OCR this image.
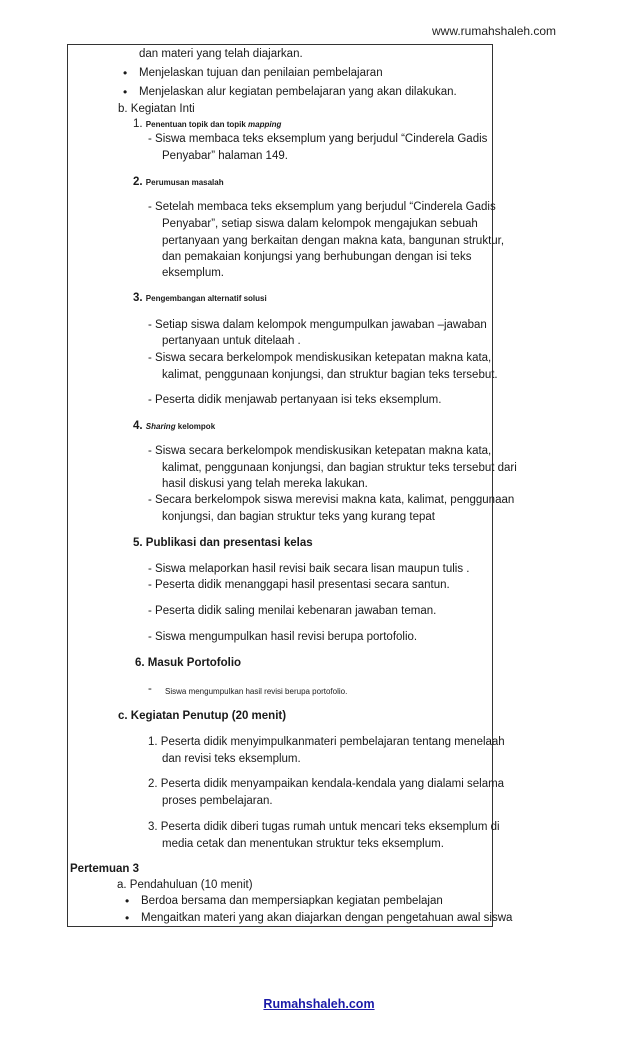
www.rumahshaleh.com
dan materi yang telah diajarkan.
• Menjelaskan tujuan dan penilaian pembelajaran
• Menjelaskan alur kegiatan pembelajaran yang akan dilakukan.
b. Kegiatan Inti
1. Penentuan topik dan topik mapping
- Siswa membaca teks eksemplum yang berjudul “Cinderela Gadis
Penyabar” halaman 149.
2. Perumusan masalah
- Setelah membaca teks eksemplum yang berjudul “Cinderela Gadis
Penyabar”, setiap siswa dalam kelompok mengajukan sebuah
pertanyaan yang berkaitan dengan makna kata, bangunan struktur,
dan pemakaian konjungsi yang berhubungan dengan isi teks
eksemplum.
3. Pengembangan alternatif solusi
- Setiap siswa dalam kelompok mengumpulkan jawaban –jawaban
pertanyaan untuk ditelaah .
- Siswa secara berkelompok mendiskusikan ketepatan makna kata,
kalimat, penggunaan konjungsi, dan struktur bagian teks tersebut.
- Peserta didik menjawab pertanyaan isi teks eksemplum.
4. Sharing kelompok
- Siswa secara berkelompok mendiskusikan ketepatan makna kata,
kalimat, penggunaan konjungsi, dan bagian struktur teks tersebut dari
hasil diskusi yang telah mereka lakukan.
- Secara berkelompok siswa merevisi makna kata, kalimat, penggunaan
konjungsi, dan bagian struktur teks yang kurang tepat
5. Publikasi dan presentasi kelas
- Siswa melaporkan hasil revisi baik secara lisan maupun tulis .
- Peserta didik menanggapi hasil presentasi secara santun.
- Peserta didik saling menilai kebenaran jawaban teman.
- Siswa mengumpulkan hasil revisi berupa portofolio.
6. Masuk Portofolio
- Siswa mengumpulkan hasil revisi berupa portofolio.
c. Kegiatan Penutup (20 menit)
1. Peserta didik menyimpulkanmateri pembelajaran tentang menelaah
dan revisi teks eksemplum.
2. Peserta didik menyampaikan kendala-kendala yang dialami selama
proses pembelajaran.
3. Peserta didik diberi tugas rumah untuk mencari teks eksemplum di
media cetak dan menentukan struktur teks eksemplum.
Pertemuan 3
a. Pendahuluan (10 menit)
• Berdoa bersama dan mempersiapkan kegiatan pembelajan
• Mengaitkan materi yang akan diajarkan dengan pengetahuan awal siswa
Rumahshaleh.com
